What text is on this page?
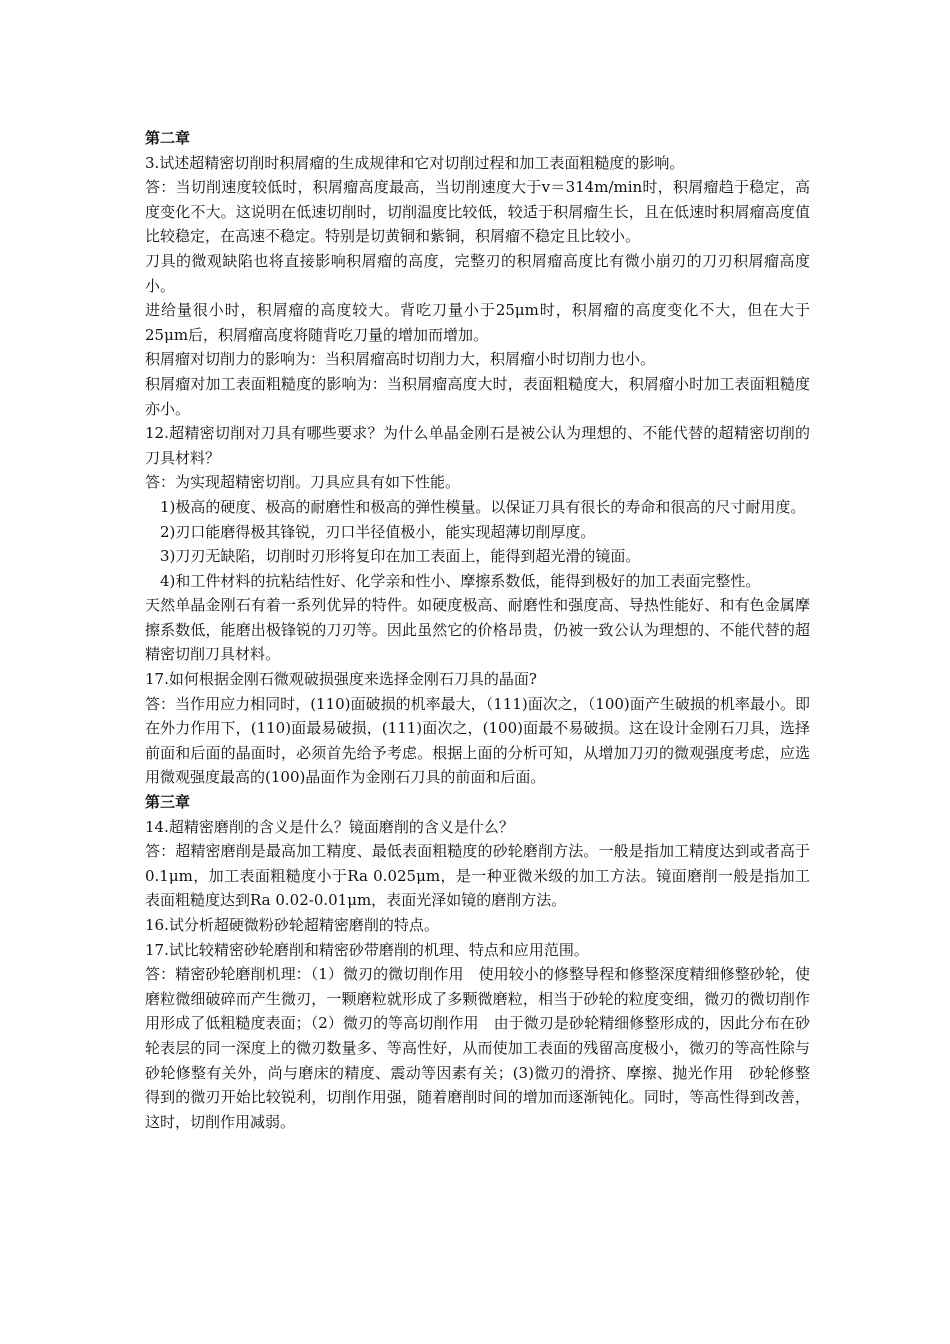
第二章

3.试述超精密切削时积屑瘤的生成规律和它对切削过程和加工表面粗糙度的影响。

答：当切削速度较低时，积屑瘤高度最高，当切削速度大于v＝314m/min时，积屑瘤趋于稳定，高度变化不大。这说明在低速切削时，切削温度比较低，较适于积屑瘤生长，且在低速时积屑瘤高度值比较稳定，在高速不稳定。特别是切黄铜和紫铜，积屑瘤不稳定且比较小。

刀具的微观缺陷也将直接影响积屑瘤的高度，完整刃的积屑瘤高度比有微小崩刃的刀刃积屑瘤高度小。

进给量很小时，积屑瘤的高度较大。背吃刀量小于25μm时，积屑瘤的高度变化不大，但在大于25μm后，积屑瘤高度将随背吃刀量的增加而增加。

积屑瘤对切削力的影响为：当积屑瘤高时切削力大，积屑瘤小时切削力也小。

积屑瘤对加工表面粗糙度的影响为：当积屑瘤高度大时，表面粗糙度大，积屑瘤小时加工表面粗糙度亦小。

12.超精密切削对刀具有哪些要求？为什么单晶金刚石是被公认为理想的、不能代替的超精密切削的刀具材料？

答：为实现超精密切削。刀具应具有如下性能。

1)极高的硬度、极高的耐磨性和极高的弹性模量。以保证刀具有很长的寿命和很高的尺寸耐用度。

2)刃口能磨得极其锋锐，刃口半径值极小，能实现超薄切削厚度。

3)刀刃无缺陷，切削时刃形将复印在加工表面上，能得到超光滑的镜面。

4)和工件材料的抗粘结性好、化学亲和性小、摩擦系数低，能得到极好的加工表面完整性。

天然单晶金刚石有着一系列优异的特件。如硬度极高、耐磨性和强度高、导热性能好、和有色金属摩擦系数低，能磨出极锋锐的刀刃等。因此虽然它的价格昂贵，仍被一致公认为理想的、不能代替的超精密切削刀具材料。

17.如何根据金刚石微观破损强度来选择金刚石刀具的晶面?

答：当作用应力相同时，(110)面破损的机率最大，（111)面次之，（100)面产生破损的机率最小。即在外力作用下，(110)面最易破损，(111)面次之，(100)面最不易破损。这在设计金刚石刀具，选择前面和后面的晶面时，必须首先给予考虑。根据上面的分析可知，从增加刀刃的微观强度考虑，应选用微观强度最高的(100)晶面作为金刚石刀具的前面和后面。

第三章

14.超精密磨削的含义是什么？镜面磨削的含义是什么？

答：超精密磨削是最高加工精度、最低表面粗糙度的砂轮磨削方法。一般是指加工精度达到或者高于0.1μm，加工表面粗糙度小于Ra 0.025μm，是一种亚微米级的加工方法。镜面磨削一般是指加工表面粗糙度达到Ra 0.02-0.01μm，表面光泽如镜的磨削方法。

16.试分析超硬微粉砂轮超精密磨削的特点。

17.试比较精密砂轮磨削和精密砂带磨削的机理、特点和应用范围。

答：精密砂轮磨削机理：（1）微刃的微切削作用　使用较小的修整导程和修整深度精细修整砂轮，使磨粒微细破碎而产生微刃，一颗磨粒就形成了多颗微磨粒，相当于砂轮的粒度变细，微刃的微切削作用形成了低粗糙度表面；（2）微刃的等高切削作用　由于微刃是砂轮精细修整形成的，因此分布在砂轮表层的同一深度上的微刃数量多、等高性好，从而使加工表面的残留高度极小，微刃的等高性除与砂轮修整有关外，尚与磨床的精度、震动等因素有关；(3)微刃的滑挤、摩擦、抛光作用　砂轮修整得到的微刃开始比较锐利，切削作用强，随着磨削时间的增加而逐渐钝化。同时，等高性得到改善，这时，切削作用减弱。
